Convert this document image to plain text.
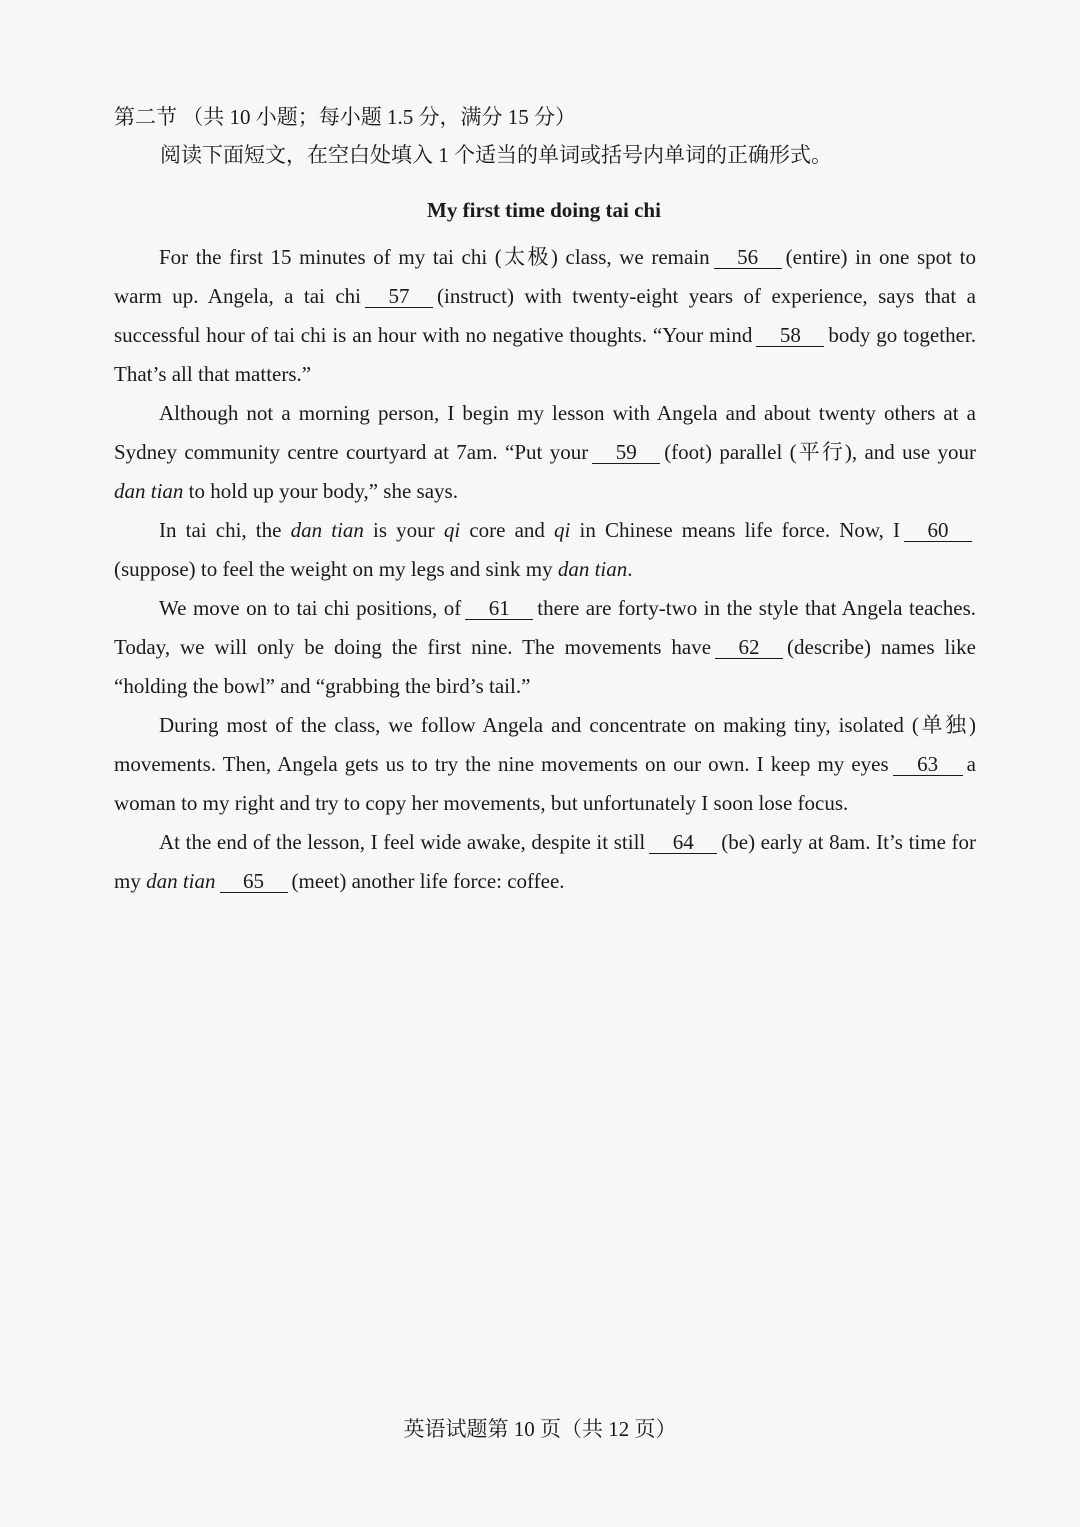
第二节 （共 10 小题；每小题 1.5 分，满分 15 分）
阅读下面短文，在空白处填入 1 个适当的单词或括号内单词的正确形式。
My first time doing tai chi

For the first 15 minutes of my tai chi (太极) class, we remain 56 (entire) in one spot to warm up. Angela, a tai chi 57 (instruct) with twenty-eight years of experience, says that a successful hour of tai chi is an hour with no negative thoughts. “Your mind 58 body go together. That’s all that matters.”

Although not a morning person, I begin my lesson with Angela and about twenty others at a Sydney community centre courtyard at 7am. “Put your 59 (foot) parallel (平行), and use your dan tian to hold up your body,” she says.

In tai chi, the dan tian is your qi core and qi in Chinese means life force. Now, I 60(suppose) to feel the weight on my legs and sink my dan tian.

We move on to tai chi positions, of 61 there are forty-two in the style that Angela teaches. Today, we will only be doing the first nine. The movements have 62 (describe) names like “holding the bowl” and “grabbing the bird’s tail.”

During most of the class, we follow Angela and concentrate on making tiny, isolated (单独) movements. Then, Angela gets us to try the nine movements on our own. I keep my eyes 63 a woman to my right and try to copy her movements, but unfortunately I soon lose focus.

At the end of the lesson, I feel wide awake, despite it still 64 (be) early at 8am. It’s time for my dan tian 65 (meet) another life force: coffee.

英语试题第 10 页（共 12 页）
